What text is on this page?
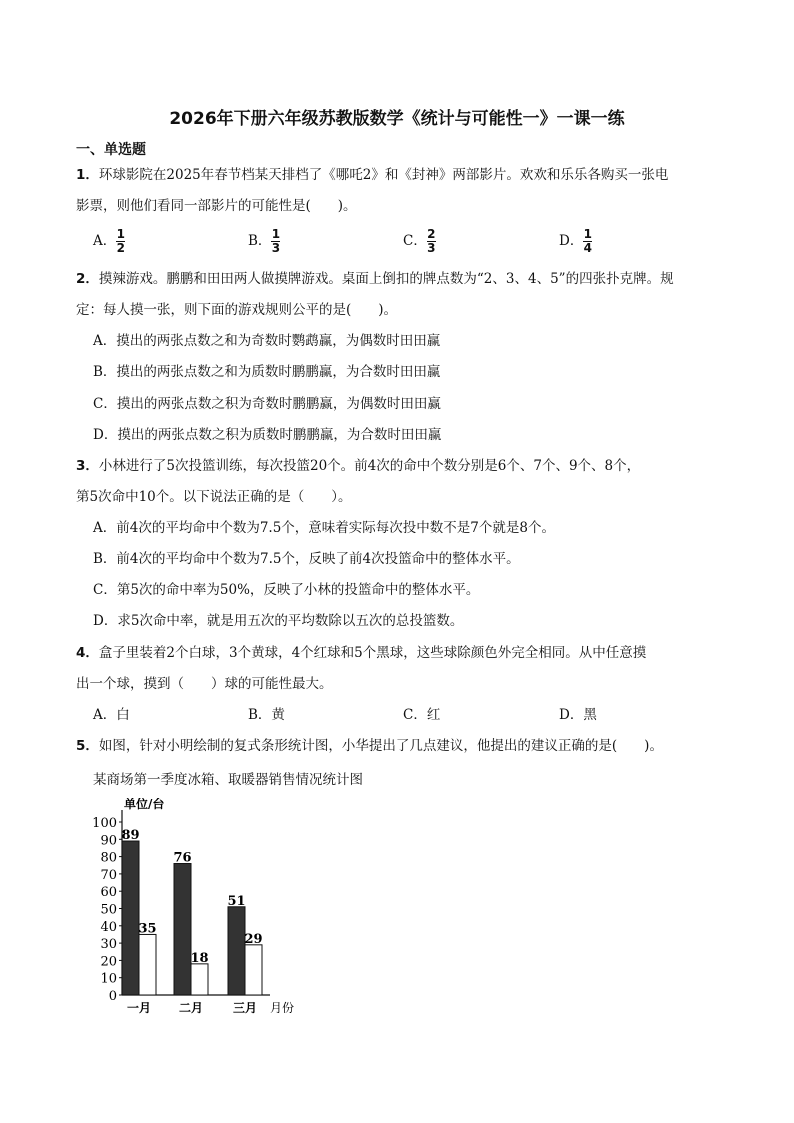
2026年下册六年级苏教版数学《统计与可能性一》一课一练
一、单选题
1．环球影院在2025年春节档某天排档了《哪吒2》和《封神》两部影片。欢欢和乐乐各购买一张电
影票，则他们看同一部影片的可能性是(　　)。
A． $\frac{1}{2}$	B． $\frac{1}{3}$	C． $\frac{2}{3}$	D． $\frac{1}{4}$
2．摸辣游戏。鹏鹏和田田两人做摸牌游戏。桌面上倒扣的牌点数为“2、3、4、5”的四张扑克牌。规
定：每人摸一张，则下面的游戏规则公平的是(　　)。
A．摸出的两张点数之和为奇数时鹦鹉赢，为偶数时田田赢
B．摸出的两张点数之和为质数时鹏鹏赢，为合数时田田赢
C．摸出的两张点数之积为奇数时鹏鹏赢，为偶数时田田赢
D．摸出的两张点数之积为质数时鹏鹏赢，为合数时田田赢
3．小林进行了5次投篮训练，每次投篮20个。前4次的命中个数分别是6个、7个、9个、8个，
第5次命中10个。以下说法正确的是（　　）。
A．前4次的平均命中个数为7.5个，意味着实际每次投中数不是7个就是8个。
B．前4次的平均命中个数为7.5个，反映了前4次投篮命中的整体水平。
C．第5次的命中率为50%，反映了小林的投篮命中的整体水平。
D．求5次命中率，就是用五次的平均数除以五次的总投篮数。
4．盒子里装着2个白球，3个黄球，4个红球和5个黑球，这些球除颜色外完全相同。从中任意摸
出一个球，摸到（　　）球的可能性最大。
A．白	B．黄	C．红	D．黑
5．如图，针对小明绘制的复式条形统计图，小华提出了几点建议，他提出的建议正确的是(　　)。
某商场第一季度冰箱、取暖器销售情况统计图
0
10
20
30
40
50
60
70
80
90
100
单位/台
89
35
一月
76
18
二月
51
29
三月 月份
